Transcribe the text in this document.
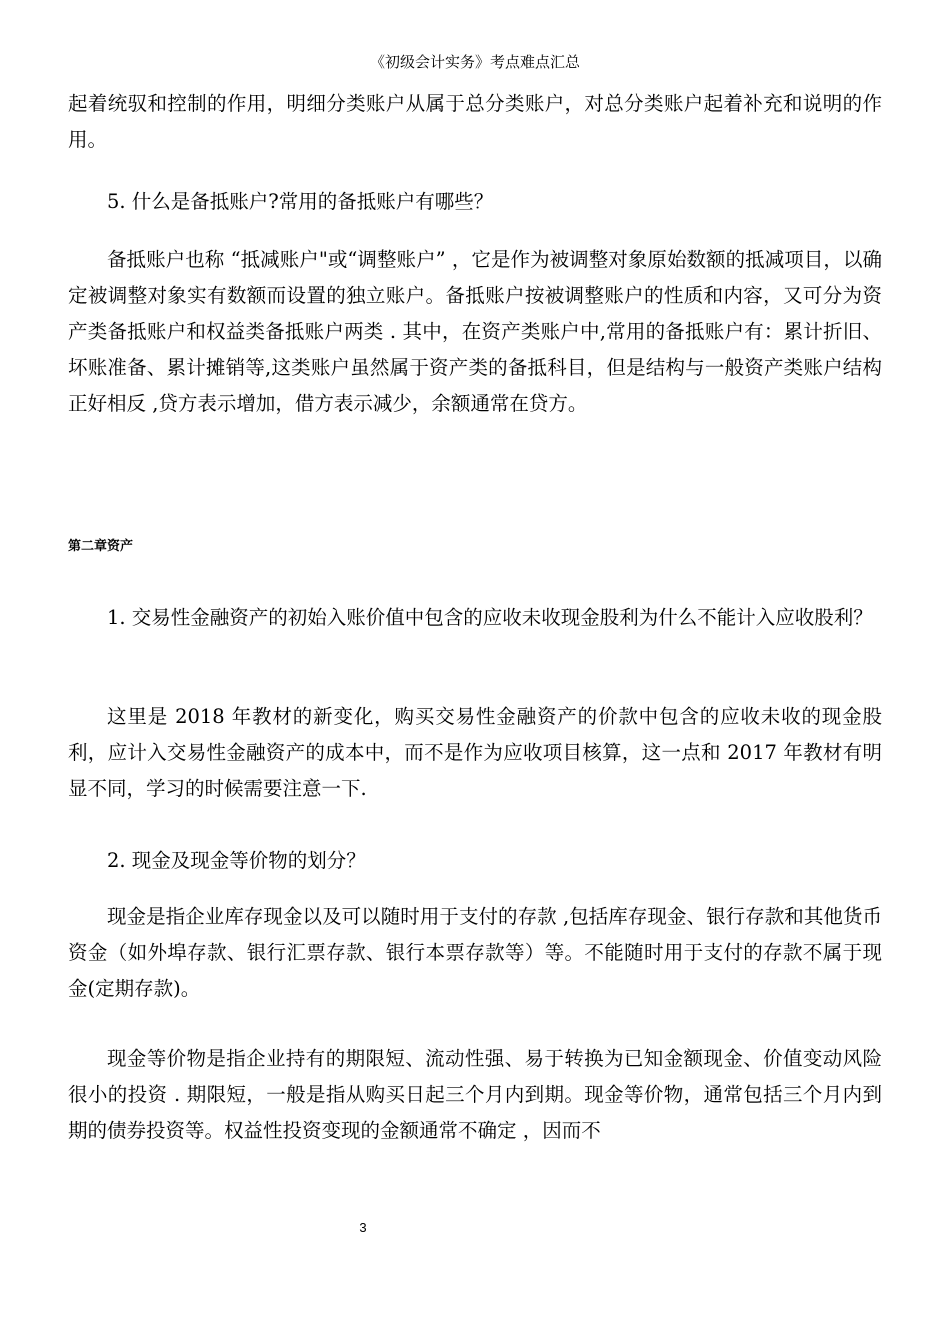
《初级会计实务》考点难点汇总

起着统驭和控制的作用，明细分类账户从属于总分类账户，对总分类账户起着补充和说明的作用。

5. 什么是备抵账户?常用的备抵账户有哪些？

备抵账户也称 “抵减账户"或“调整账户” ，它是作为被调整对象原始数额的抵减项目，以确定被调整对象实有数额而设置的独立账户。备抵账户按被调整账户的性质和内容，又可分为资产类备抵账户和权益类备抵账户两类 . 其中，在资产类账户中,常用的备抵账户有：累计折旧、坏账准备、累计摊销等,这类账户虽然属于资产类的备抵科目，但是结构与一般资产类账户结构正好相反 ,贷方表示增加，借方表示减少，余额通常在贷方。

第二章资产

1. 交易性金融资产的初始入账价值中包含的应收未收现金股利为什么不能计入应收股利？

这里是 2018 年教材的新变化，购买交易性金融资产的价款中包含的应收未收的现金股利，应计入交易性金融资产的成本中，而不是作为应收项目核算，这一点和 2017 年教材有明显不同，学习的时候需要注意一下.

2. 现金及现金等价物的划分？

现金是指企业库存现金以及可以随时用于支付的存款 ,包括库存现金、银行存款和其他货币资金（如外埠存款、银行汇票存款、银行本票存款等）等。不能随时用于支付的存款不属于现金(定期存款)。

现金等价物是指企业持有的期限短、流动性强、易于转换为已知金额现金、价值变动风险很小的投资 . 期限短，一般是指从购买日起三个月内到期。现金等价物，通常包括三个月内到期的债券投资等。权益性投资变现的金额通常不确定 ，因而不

3
